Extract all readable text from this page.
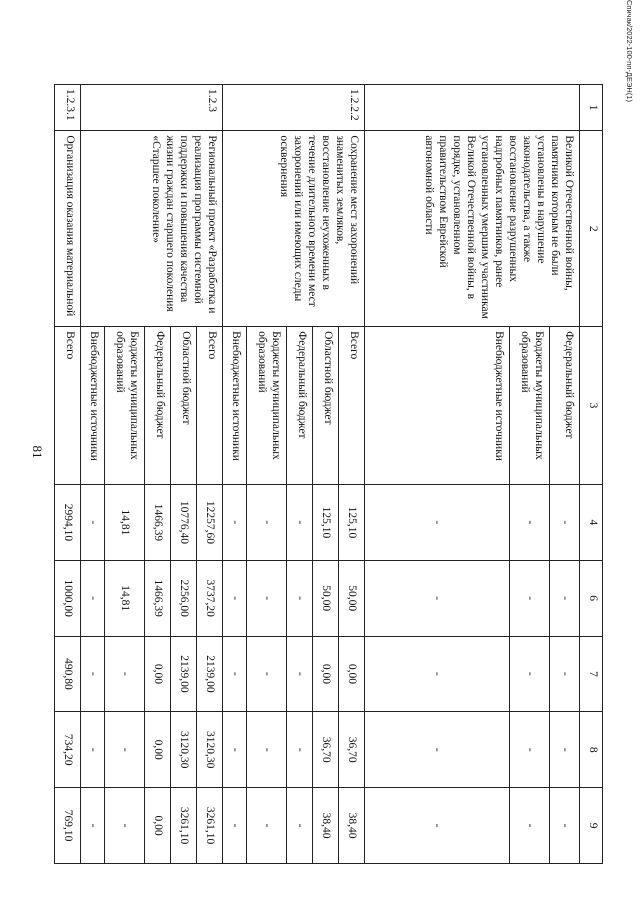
Спичак/2022-100-пп-ДЕЭН(1)
1	2	3	4	6	7	8	9
	Великой Отечественной войны, памятники которым не были установлены в нарушение законодательства, а также восстановление разрушенных надгробных памятников, ранее установленных умершим участникам Великой Отечественной войны, в порядке, установленном правительством Еврейской автономной области	Федеральный бюджет	-	-	-	-	-
		Бюджеты муниципальных образований	-	-	-	-	-
		Внебюджетные источники	-	-	-	-	-
1.2.2.2	Сохранение мест захоронений знаменитых земляков, восстановление неухоженных в течение длительного времени мест захоронений или имеющих следы осквернения	Всего	125,10	50,00	0,00	36,70	38,40
		Областной бюджет	125,10	50,00	0,00	36,70	38,40
		Федеральный бюджет	-	-	-	-	-
		Бюджеты муниципальных образований	-	-	-	-	-
		Внебюджетные источники	-	-	-	-	-
1.2.3	Региональный проект «Разработка и реализация программы системной поддержки и повышения качества жизни граждан старшего поколения «Старшее поколение»	Всего	12257,60	3737,20	2139,00	3120,30	3261,10
		Областной бюджет	10776,40	2256,00	2139,00	3120,30	3261,10
		Федеральный бюджет	1466,39	1466,39	0,00	0,00	0,00
		Бюджеты муниципальных образований	14,81	14,81	-	-	-
		Внебюджетные источники	-	-	-	-	-
1.2.3.1	Организация оказания материальной	Всего	2994,10	1000,00	490,80	734,20	769,10
81
